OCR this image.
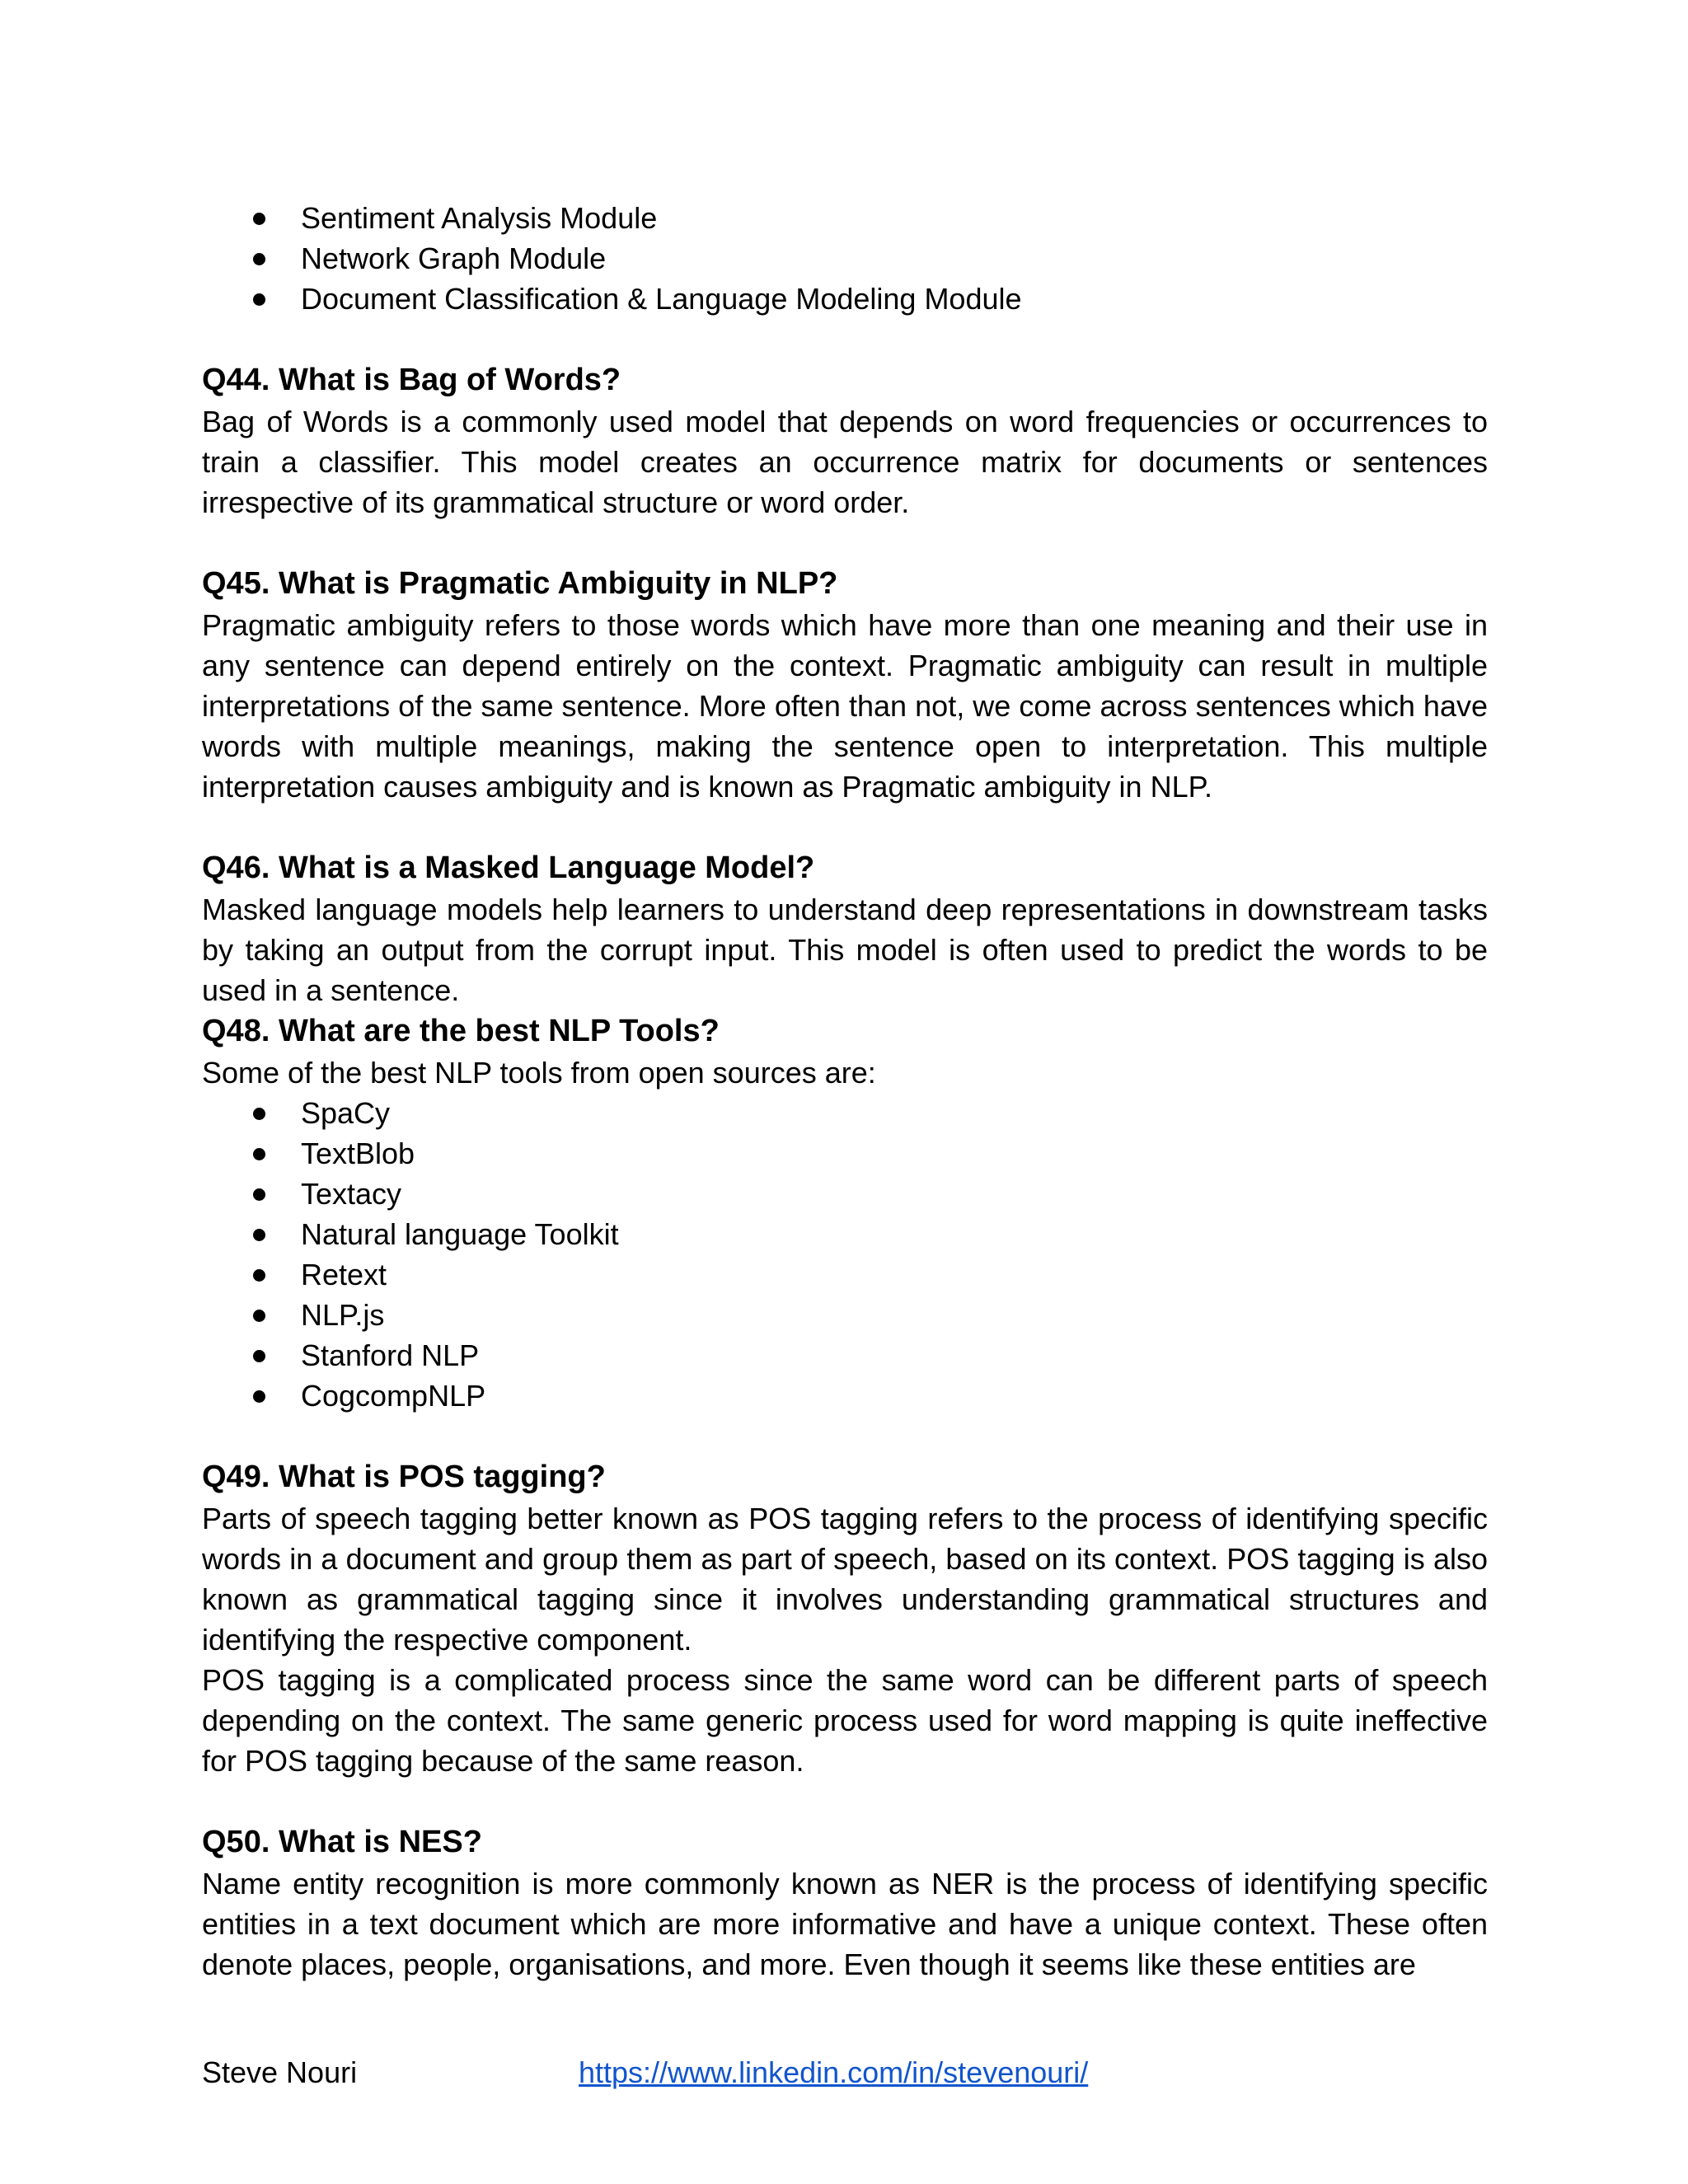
Sentiment Analysis Module
Network Graph Module
Document Classification & Language Modeling Module
Q44. What is Bag of Words?

Bag of Words is a commonly used model that depends on word frequencies or occurrences to train a classifier. This model creates an occurrence matrix for documents or sentences irrespective of its grammatical structure or word order.

Q45. What is Pragmatic Ambiguity in NLP?

Pragmatic ambiguity refers to those words which have more than one meaning and their use in any sentence can depend entirely on the context. Pragmatic ambiguity can result in multiple interpretations of the same sentence. More often than not, we come across sentences which have words with multiple meanings, making the sentence open to interpretation. This multiple interpretation causes ambiguity and is known as Pragmatic ambiguity in NLP.

Q46. What is a Masked Language Model?

Masked language models help learners to understand deep representations in downstream tasks by taking an output from the corrupt input. This model is often used to predict the words to be used in a sentence.

Q48. What are the best NLP Tools?

Some of the best NLP tools from open sources are:

SpaCy
TextBlob
Textacy
Natural language Toolkit
Retext
NLP.js
Stanford NLP
CogcompNLP
Q49. What is POS tagging?

Parts of speech tagging better known as POS tagging refers to the process of identifying specific words in a document and group them as part of speech, based on its context. POS tagging is also known as grammatical tagging since it involves understanding grammatical structures and identifying the respective component.

POS tagging is a complicated process since the same word can be different parts of speech depending on the context. The same generic process used for word mapping is quite ineffective for POS tagging because of the same reason.

Q50. What is NES?

Name entity recognition is more commonly known as NER is the process of identifying specific entities in a text document which are more informative and have a unique context. These often denote places, people, organisations, and more. Even though it seems like these entities are

Steve Nouri	https://www.linkedin.com/in/stevenouri/
